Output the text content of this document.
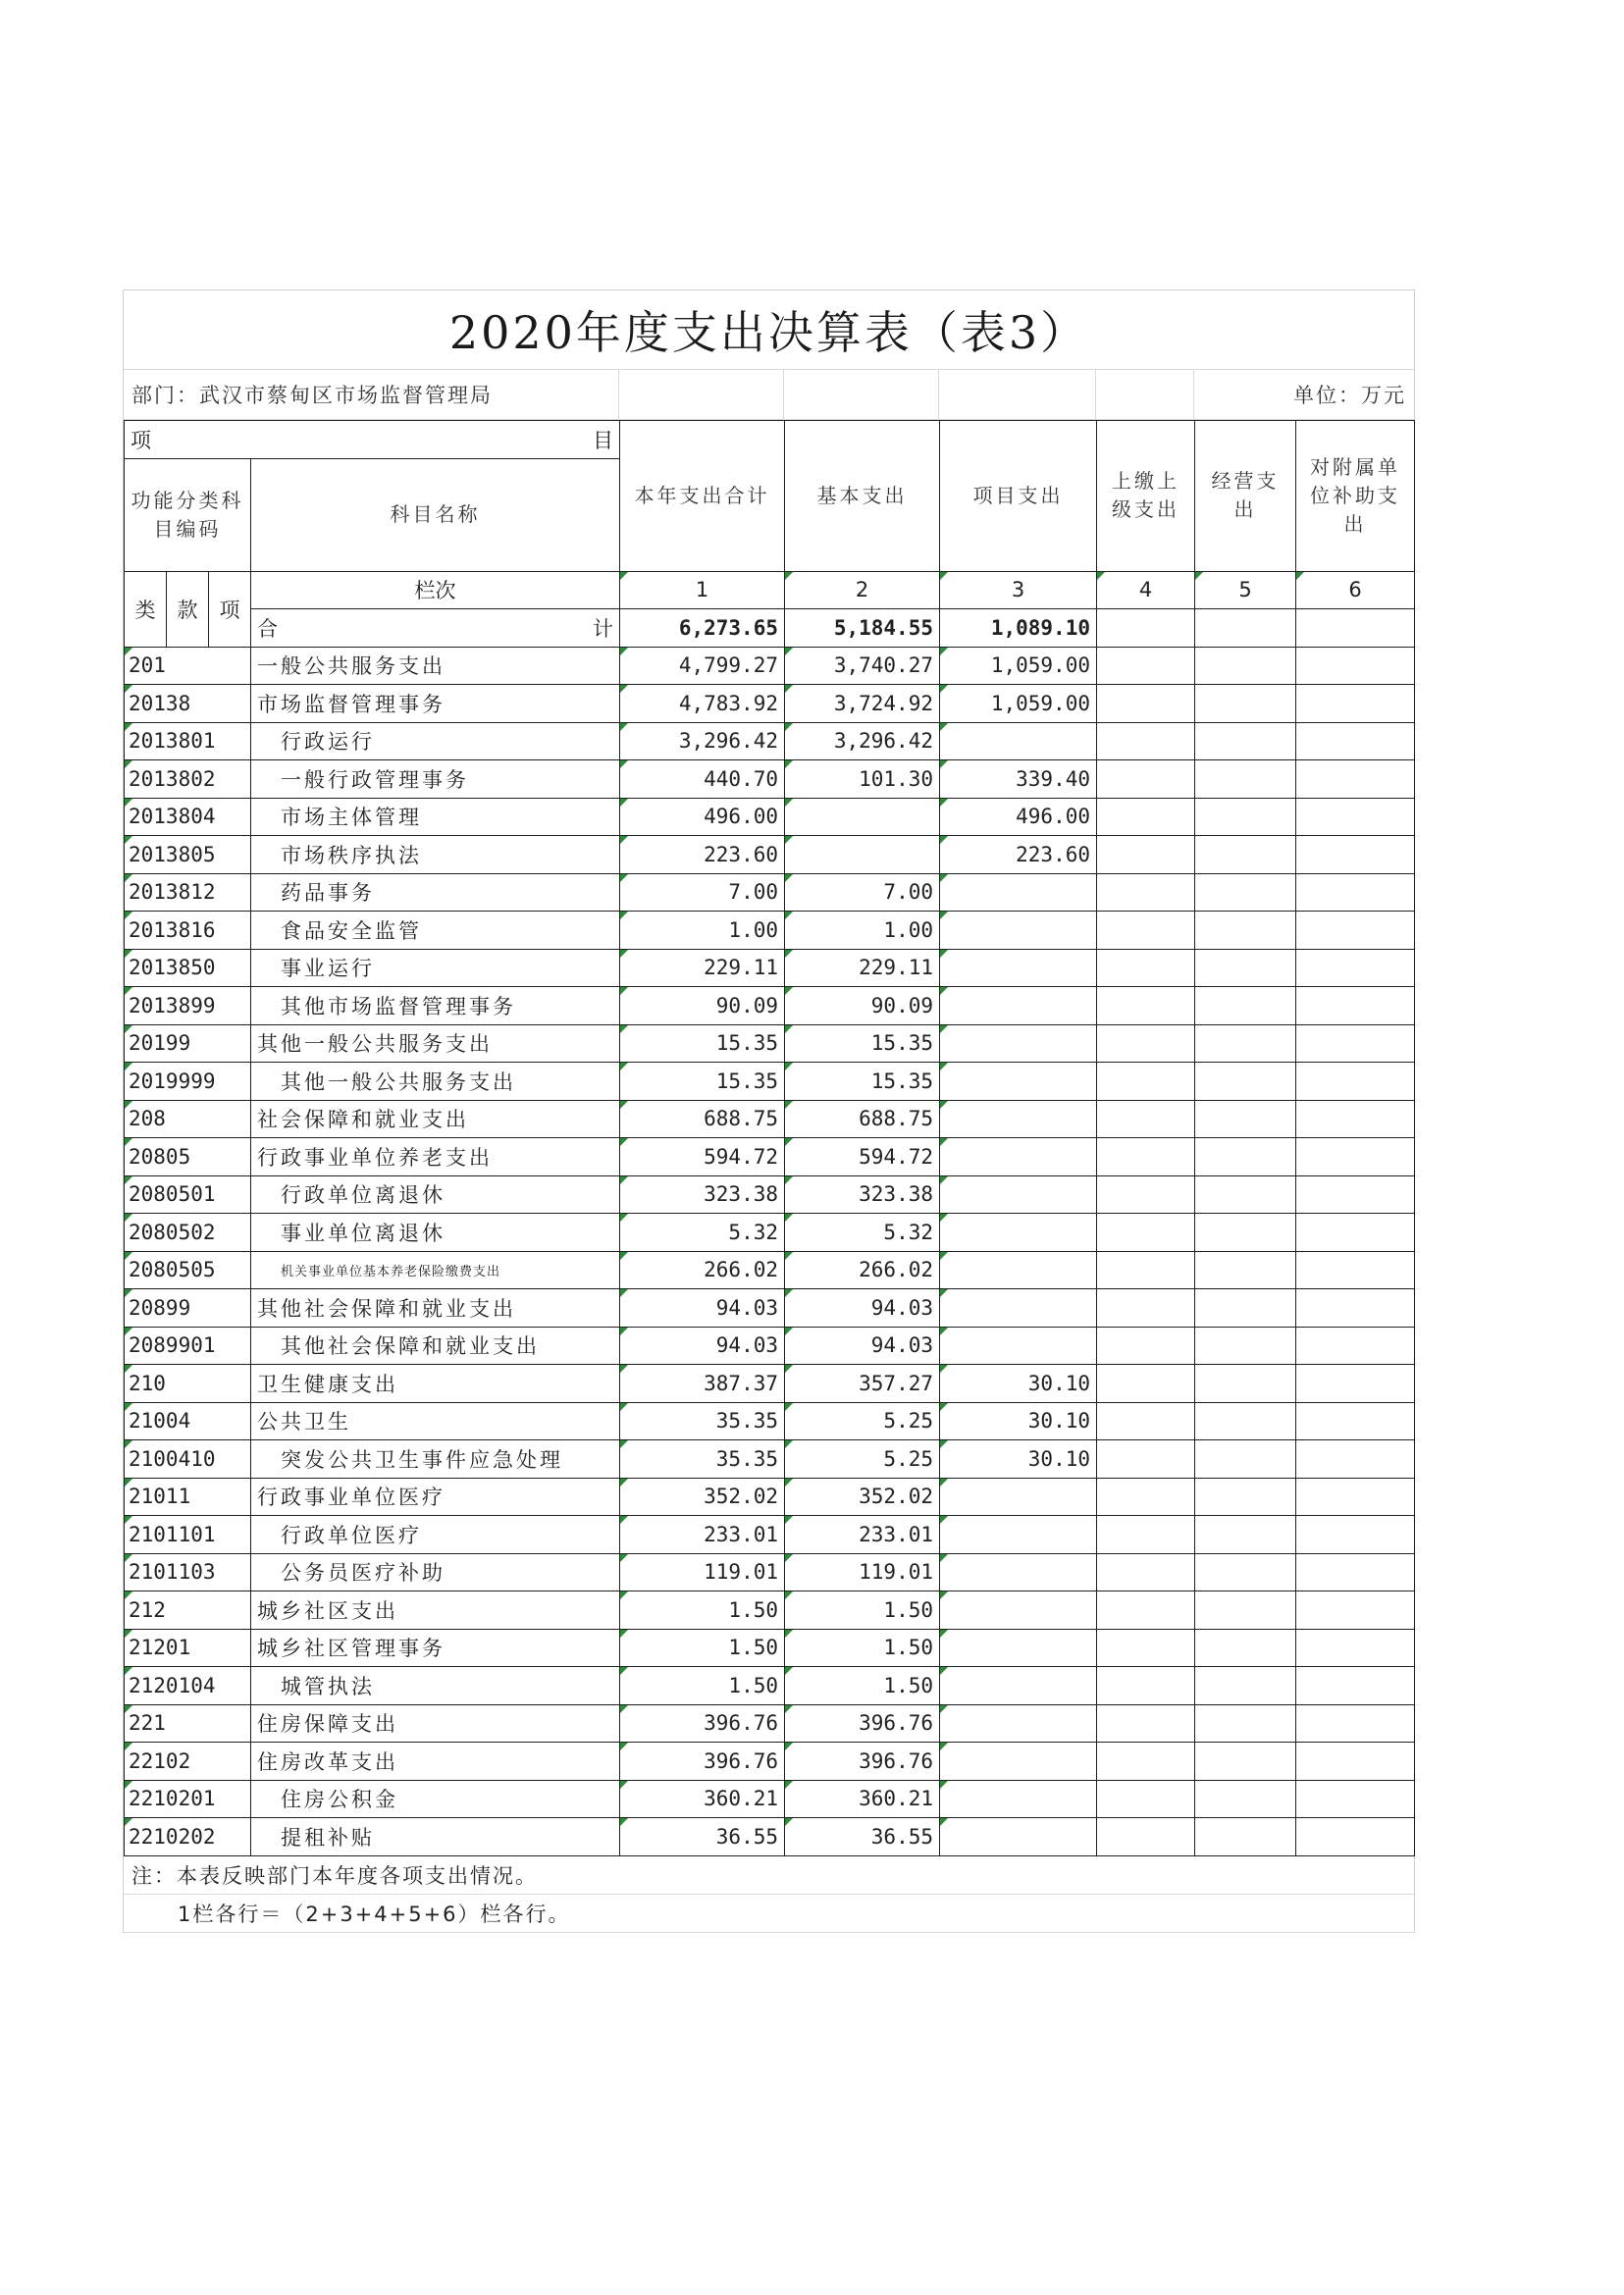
2020年度支出决算表（表3）
部门：武汉市蔡甸区市场监督管理局	单位：万元
项 目				本年支出合计	基本支出	项目支出	上缴上级支出	经营支出	对附属单位补助支出
功能分类科目编码			科目名称						
类	款	项	栏次	1	2	3	4	5	6

			合 计	6,273.65	5,184.55	1,089.10			
201			一般公共服务支出	4,799.27	3,740.27	1,059.00			
20138			市场监督管理事务	4,783.92	3,724.92	1,059.00			
2013801			行政运行	3,296.42	3,296.42				
2013802			一般行政管理事务	440.70	101.30	339.40			
2013804			市场主体管理	496.00		496.00			
2013805			市场秩序执法	223.60		223.60			
2013812			药品事务	7.00	7.00				
2013816			食品安全监管	1.00	1.00				
2013850			事业运行	229.11	229.11				
2013899			其他市场监督管理事务	90.09	90.09				
20199			其他一般公共服务支出	15.35	15.35				
2019999			其他一般公共服务支出	15.35	15.35				
208			社会保障和就业支出	688.75	688.75				
20805			行政事业单位养老支出	594.72	594.72				
2080501			行政单位离退休	323.38	323.38				
2080502			事业单位离退休	5.32	5.32				
2080505			机关事业单位基本养老保险缴费支出	266.02	266.02				
20899			其他社会保障和就业支出	94.03	94.03				
2089901			其他社会保障和就业支出	94.03	94.03				
210			卫生健康支出	387.37	357.27	30.10			
21004			公共卫生	35.35	5.25	30.10			
2100410			突发公共卫生事件应急处理	35.35	5.25	30.10			
21011			行政事业单位医疗	352.02	352.02				
2101101			行政单位医疗	233.01	233.01				
2101103			公务员医疗补助	119.01	119.01				
212			城乡社区支出	1.50	1.50				
21201			城乡社区管理事务	1.50	1.50				
2120104			城管执法	1.50	1.50				
221			住房保障支出	396.76	396.76				
22102			住房改革支出	396.76	396.76				
2210201			住房公积金	360.21	360.21				
2210202			提租补贴	36.55	36.55				
注：本表反映部门本年度各项支出情况。
1栏各行＝（2+3+4+5+6）栏各行。
